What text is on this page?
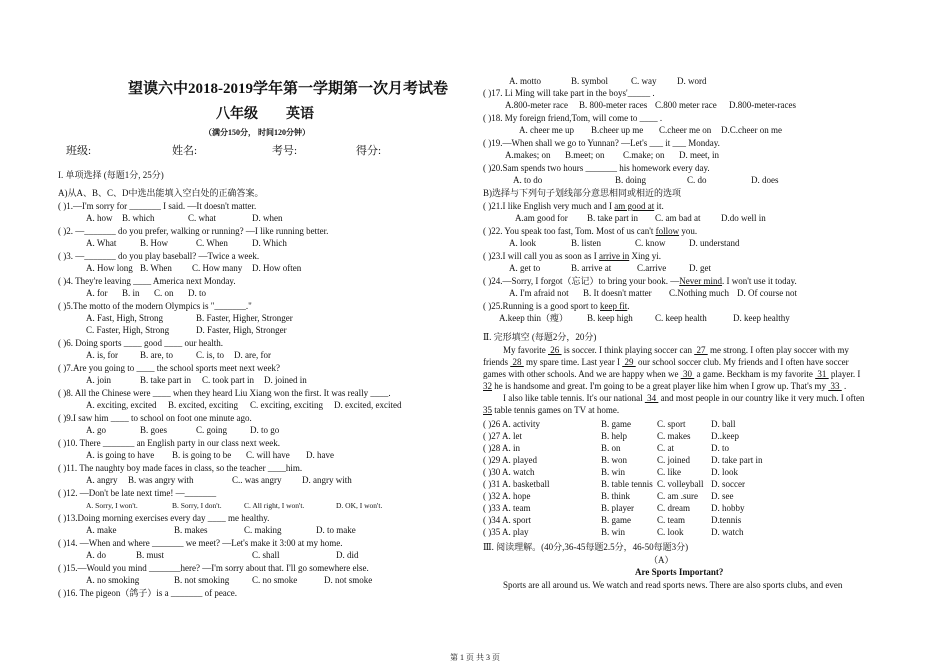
望谟六中2018-2019学年第一学期第一次月考试卷
八年级 英语
（满分150分， 时间120分钟）
班级:	姓名:	考号:	得分:
I. 单项选择 (每题1分, 25分)
A)从A、B、C、D中选出能填入空白处的正确答案。
( )1.—I'm sorry for _______ I said. —It doesn't matter.
A. how B. which	C. what	D. when
( )2. —_______ do you prefer, walking or running? —I like running better.
A. What	B. How	C. When	D. Which
( )3. —_______ do you play baseball? —Twice a week.
A. How long B. When C. How many D. How often
( )4. They're leaving ____ America next Monday.
A. for B. in C. on D. to
( )5.The motto of the modern Olympics is "_______."
A. Fast, High, Strong	B. Faster, Higher, Stronger
C. Faster, High, Strong	D. Faster, High, Stronger
( )6. Doing sports ____ good ____ our health.
A. is, for B. are, to	C. is, to D. are, for
( )7.Are you going to ____ the school sports meet next week?
A. join	B. take part in C. took part in D. joined in
( )8. All the Chinese were ____ when they heard Liu Xiang won the first. It was really ____.
A. exciting, excited B. excited, exciting C. exciting, exciting D. excited, excited
( )9.I saw him ____ to school on foot one minute ago.
A. go	B. goes	C. going	D. to go
( )10. There _______ an English party in our class next week.
A. is going to have B. is going to be C. will have D. have
( )11. The naughty boy made faces in class, so the teacher ____him.
A. angry B. was angry with	C.. was angry D. angry with
( )12. —Don't be late next time! —_______
A. Sorry, I won't.	B. Sorry, I don't.	C. All right, I won't.	D. OK, I won't.
( )13.Doing morning exercises every day ____ me healthy.
A. make	B. makes	C. making	D. to make
( )14. —When and where _______ we meet? —Let's make it 3:00 at my home.
A. do	B. must	C. shall	D. did
( )15.—Would you mind _______here? —I'm sorry about that. I'll go somewhere else.
A. no smoking	B. not smoking	C. no smoke	D. not smoke
( )16. The pigeon（鸽子）is a _______ of peace.
A. motto	B. symbol	C. way D. word
( )17. Li Ming will take part in the boys'_____ .
A.800-meter race B. 800-meter races C.800 meter race D.800-meter-races
( )18. My foreign friend,Tom, will come to ____ .
A. cheer me up B.cheer up me C.cheer me on D.C.cheer on me
( )19.—When shall we go to Yunnan? —Let's ___ it ___ Monday.
A.makes; on B.meet; on C.make; on D. meet, in
( )20.Sam spends two hours _______ his homework every day.
A. to do	B. doing	C. do	D. does
B)选择与下列句子划线部分意思相同或相近的选项
( )21.I like English very much and I am good at it.
A.am good for B. take part in C. am bad at D.do well in
( )22. You speak too fast, Tom. Most of us can't follow you.
A. look	B. listen	C. know	D. understand
( )23.I will call you as soon as I arrive in Xing yi.
A. get to	B. arrive at	C.arrive	D. get
( )24.—Sorry, I forgot（忘记）to bring your book. —Never mind. I won't use it today.
A. I'm afraid not B. It doesn't matter C.Nothing much D. Of course not
( )25.Running is a good sport to keep fit.
A.keep thin（瘦） B. keep high C. keep health	D. keep healthy
Ⅱ. 完形填空 (每题2分，20分)
My favorite  26  is soccer. I think playing soccer can  27  me strong. I often play soccer with my
friends  28  my spare time. Last year I  29  our school soccer club. My friends and I often have soccer
games with other schools. And we are happy when we  30  a game. Beckham is my favorite  31  player. I
32 he is handsome and great. I'm going to be a great player like him when I grow up. That's my  33  .
I also like table tennis. It's our national  34  and most people in our country like it very much. I often
35 table tennis games on TV at home.
( )26 A. activity	B. game	C. sport	D. ball
( )27 A. let	B. help	C. makes D..keep
( )28 A. in	B. on	C. at	D. to
( )29 A. played	B. won	C. joined D. take part in
( )30 A. watch	B. win	C. like	D. look
( )31 A. basketball	B. table tennis C. volleyball D. soccer
( )32 A. hope	B. think	C. am .sure D. see
( )33 A. team	B. player	C. dream D. hobby
( )34 A. sport	B. game	C. team	D.tennis
( )35 A. play	B. win	C. look	D. watch
Ⅲ. 阅读理解。(40分,36-45每题2.5分，46-50每题3分)
（A）
Are Sports Important?
Sports are all around us. We watch and read sports news. There are also sports clubs, and even
第 1 页 共 3 页
